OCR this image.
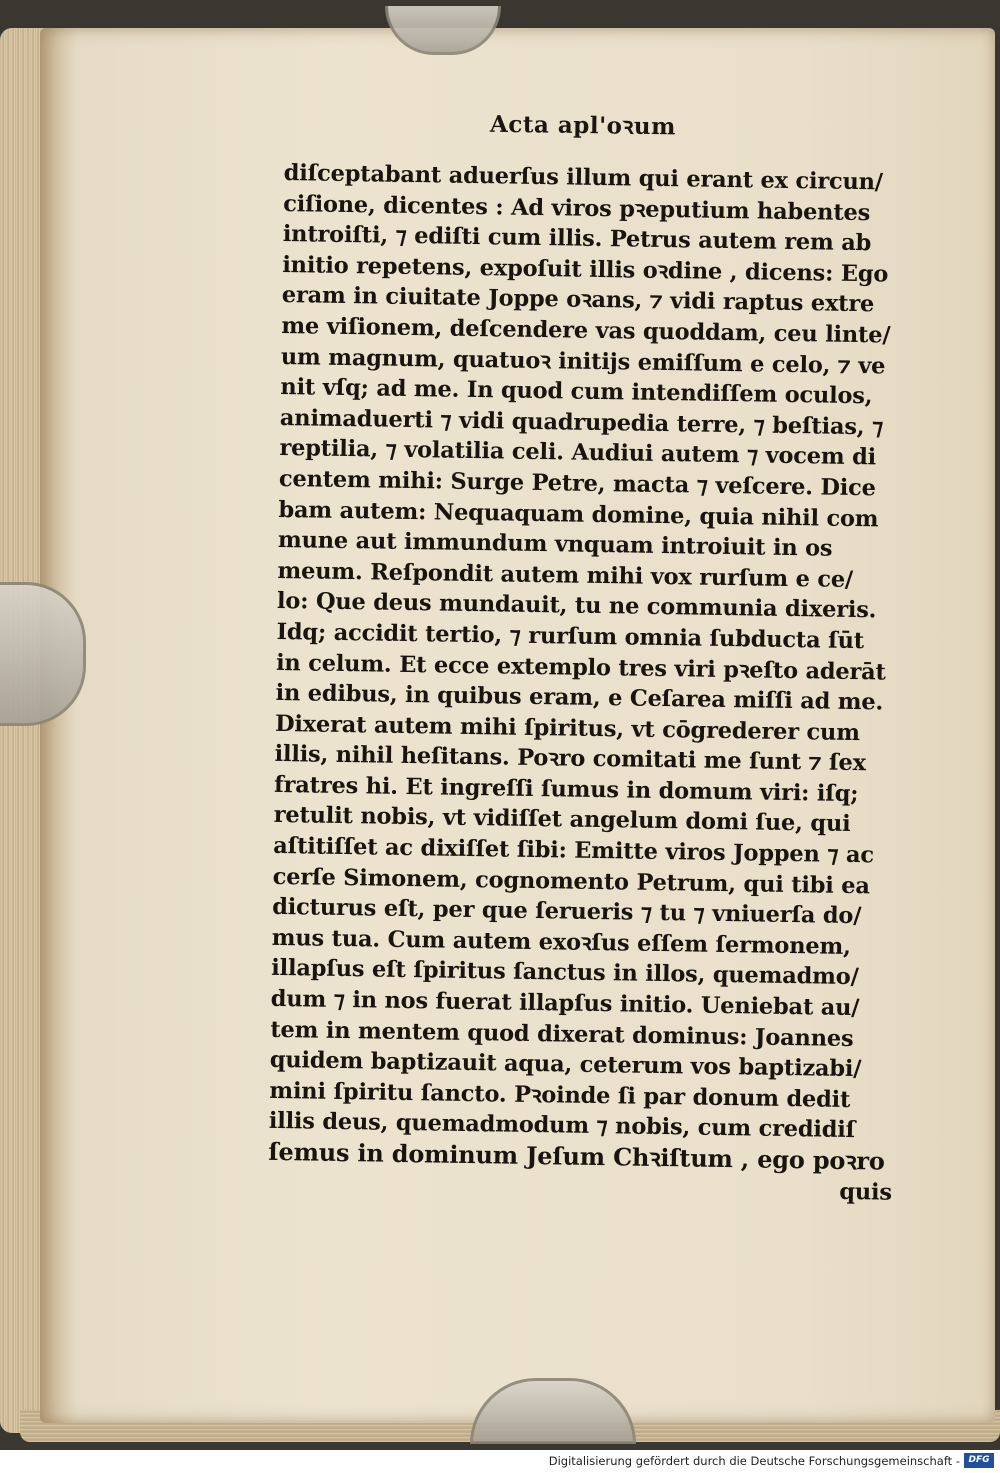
Acta apl'oꝛum
diſceptabant aduerſus illum qui erant ex circun/
ciſione, dicentes : Ad viros pꝛeputium habentes
introiſti, ⁊ ediſti cum illis. Petrus autem rem ab
initio repetens, expoſuit illis oꝛdine , dicens: Ego
eram in ciuitate Joppe oꝛans, ⁊ vidi raptus extre
me viſionem, deſcendere vas quoddam, ceu linte/
um magnum, quatuoꝛ initijs emiſſum e celo, ⁊ ve
nit vſq; ad me. In quod cum intendiſſem oculos,
animaduerti ⁊ vidi quadrupedia terre, ⁊ beſtias, ⁊
reptilia, ⁊ volatilia celi. Audiui autem ⁊ vocem di
centem mihi: Surge Petre, macta ⁊ veſcere. Dice
bam autem: Nequaquam domine, quia nihil com
mune aut immundum vnquam introiuit in os
meum. Reſpondit autem mihi vox rurſum e ce/
lo: Que deus mundauit, tu ne communia dixeris.
Idq; accidit tertio, ⁊ rurſum omnia ſubducta ſūt
in celum. Et ecce extemplo tres viri pꝛeſto aderāt
in edibus, in quibus eram, e Ceſarea miſſi ad me.
Dixerat autem mihi ſpiritus, vt cōgrederer cum
illis, nihil heſitans. Poꝛro comitati me ſunt ⁊ ſex
fratres hi. Et ingreſſi ſumus in domum viri: iſq;
retulit nobis, vt vidiſſet angelum domi ſue, qui
aſtitiſſet ac dixiſſet ſibi: Emitte viros Joppen ⁊ ac
cerſe Simonem, cognomento Petrum, qui tibi ea
dicturus eſt, per que ſerueris ⁊ tu ⁊ vniuerſa do/
mus tua. Cum autem exoꝛſus eſſem ſermonem,
illapſus eſt ſpiritus ſanctus in illos, quemadmo/
dum ⁊ in nos fuerat illapſus initio. Ueniebat au/
tem in mentem quod dixerat dominus: Joannes
quidem baptizauit aqua, ceterum vos baptizabi/
mini ſpiritu ſancto. Pꝛoinde ſi par donum dedit
illis deus, quemadmodum ⁊ nobis, cum credidiſ
ſemus in dominum Jeſum Chꝛiſtum , ego poꝛro
quis
Digitalisierung gefördert durch die Deutsche Forschungsgemeinschaft - DFG
